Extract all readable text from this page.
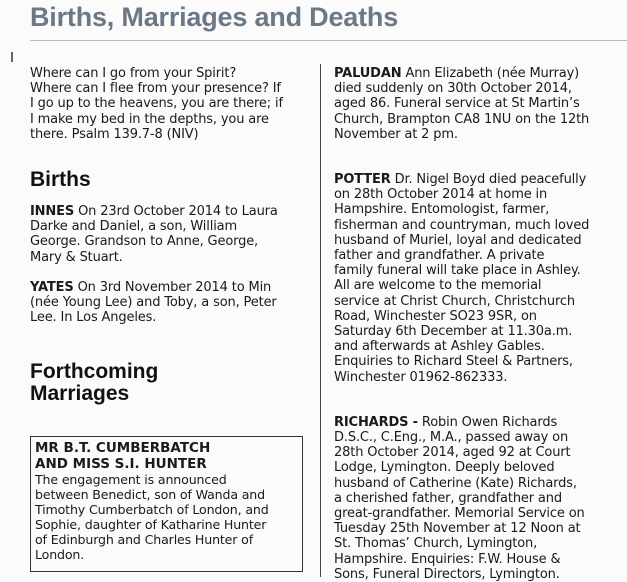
Births, Marriages and Deaths

Where can I go from your Spirit?
Where can I flee from your presence? If
I go up to the heavens, you are there; if
I make my bed in the depths, you are
there. Psalm 139.7-8 (NIV)

Births

INNES On 23rd October 2014 to Laura
Darke and Daniel, a son, William
George. Grandson to Anne, George,
Mary & Stuart.

YATES On 3rd November 2014 to Min
(née Young Lee) and Toby, a son, Peter
Lee. In Los Angeles.

Forthcoming
Marriages

MR B.T. CUMBERBATCH
AND MISS S.I. HUNTER

The engagement is announced
between Benedict, son of Wanda and
Timothy Cumberbatch of London, and
Sophie, daughter of Katharine Hunter
of Edinburgh and Charles Hunter of
London.

PALUDAN Ann Elizabeth (née Murray)
died suddenly on 30th October 2014,
aged 86. Funeral service at St Martin’s
Church, Brampton CA8 1NU on the 12th
November at 2 pm.

POTTER Dr. Nigel Boyd died peacefully
on 28th October 2014 at home in
Hampshire. Entomologist, farmer,
fisherman and countryman, much loved
husband of Muriel, loyal and dedicated
father and grandfather. A private
family funeral will take place in Ashley.
All are welcome to the memorial
service at Christ Church, Christchurch
Road, Winchester SO23 9SR, on
Saturday 6th December at 11.30a.m.
and afterwards at Ashley Gables.
Enquiries to Richard Steel & Partners,
Winchester 01962-862333.

RICHARDS - Robin Owen Richards
D.S.C., C.Eng., M.A., passed away on
28th October 2014, aged 92 at Court
Lodge, Lymington. Deeply beloved
husband of Catherine (Kate) Richards,
a cherished father, grandfather and
great-grandfather. Memorial Service on
Tuesday 25th November at 12 Noon at
St. Thomas’ Church, Lymington,
Hampshire. Enquiries: F.W. House &
Sons, Funeral Directors, Lymington.
